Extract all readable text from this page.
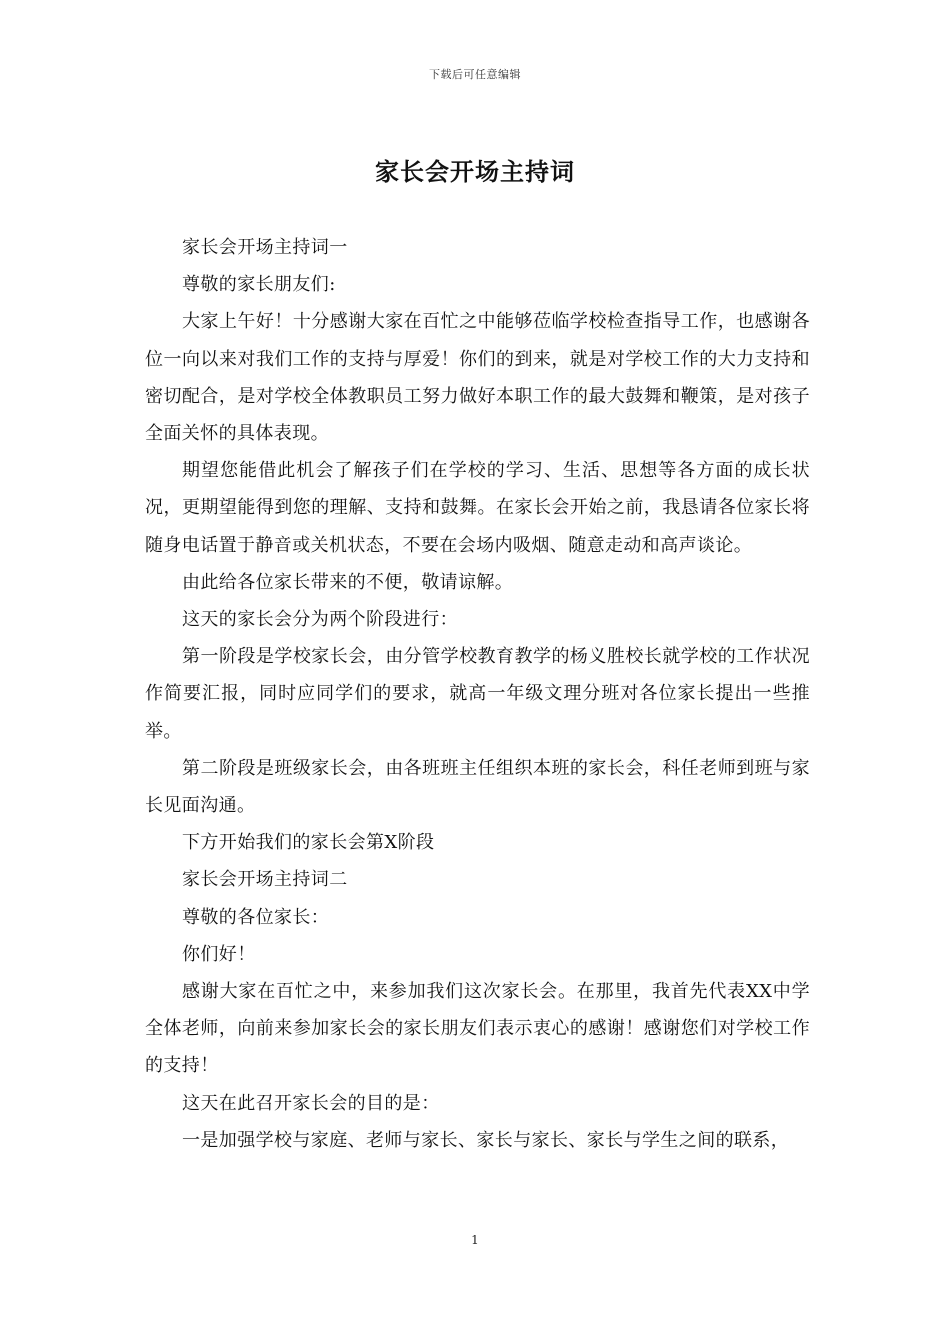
下载后可任意编辑
家长会开场主持词

家长会开场主持词一

尊敬的家长朋友们:

大家上午好！十分感谢大家在百忙之中能够莅临学校检查指导工作，也感谢各位一向以来对我们工作的支持与厚爱！你们的到来，就是对学校工作的大力支持和密切配合，是对学校全体教职员工努力做好本职工作的最大鼓舞和鞭策，是对孩子全面关怀的具体表现。

期望您能借此机会了解孩子们在学校的学习、生活、思想等各方面的成长状况，更期望能得到您的理解、支持和鼓舞。在家长会开始之前，我恳请各位家长将随身电话置于静音或关机状态，不要在会场内吸烟、随意走动和高声谈论。

由此给各位家长带来的不便，敬请谅解。

这天的家长会分为两个阶段进行：

第一阶段是学校家长会，由分管学校教育教学的杨义胜校长就学校的工作状况作简要汇报，同时应同学们的要求，就高一年级文理分班对各位家长提出一些推举。

第二阶段是班级家长会，由各班班主任组织本班的家长会，科任老师到班与家长见面沟通。

下方开始我们的家长会第X阶段

家长会开场主持词二

尊敬的各位家长：

你们好！

感谢大家在百忙之中，来参加我们这次家长会。在那里，我首先代表XX中学全体老师，向前来参加家长会的家长朋友们表示衷心的感谢！感谢您们对学校工作的支持！

这天在此召开家长会的目的是：

一是加强学校与家庭、老师与家长、家长与家长、家长与学生之间的联系，

1
